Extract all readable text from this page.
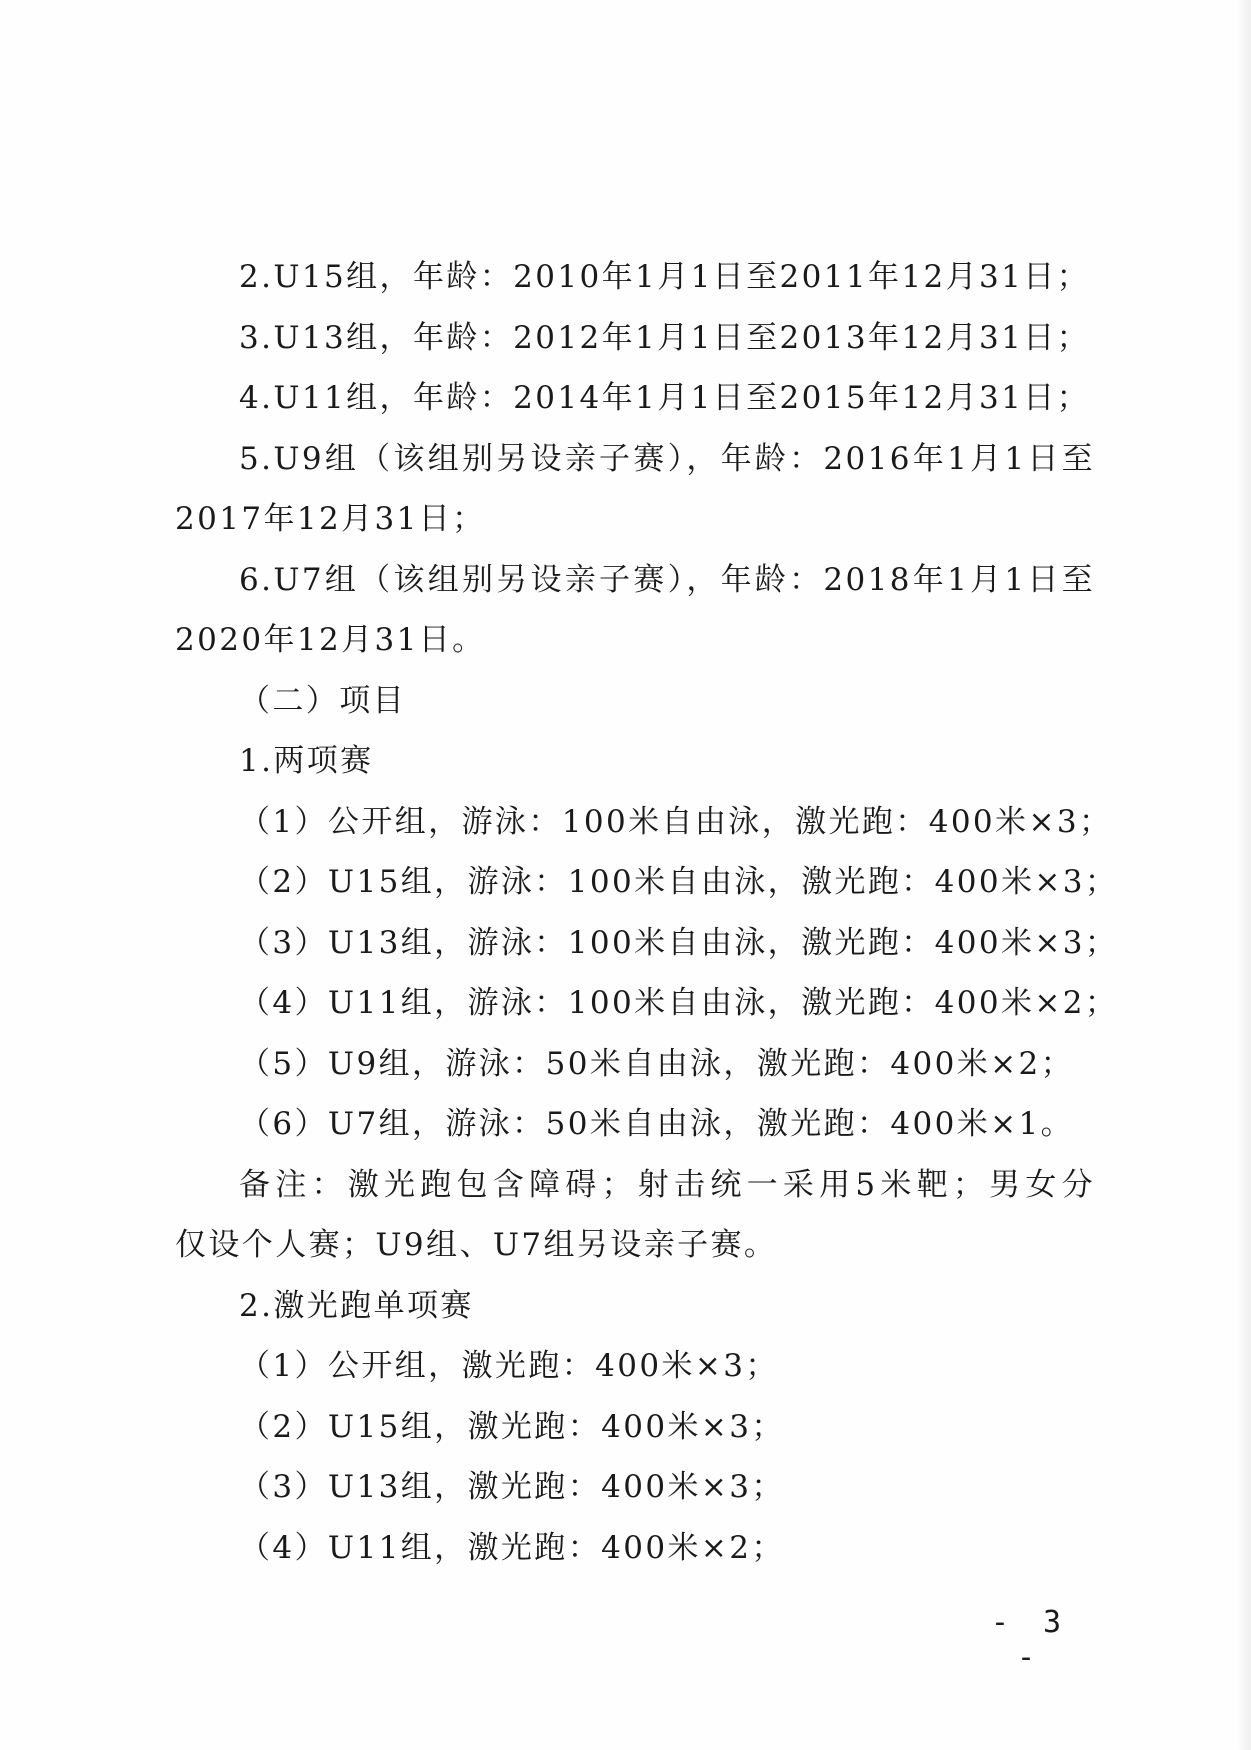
2.U15组，年龄：2010年1月1日至2011年12月31日；
3.U13组，年龄：2012年1月1日至2013年12月31日；
4.U11组，年龄：2014年1月1日至2015年12月31日；
5.U9组（该组别另设亲子赛），年龄：2016年1月1日至
2017年12月31日；
6.U7组（该组别另设亲子赛），年龄：2018年1月1日至
2020年12月31日。
（二）项目
1.两项赛
（1）公开组，游泳：100米自由泳，激光跑：400米×3；
（2）U15组，游泳：100米自由泳，激光跑：400米×3；
（3）U13组，游泳：100米自由泳，激光跑：400米×3；
（4）U11组，游泳：100米自由泳，激光跑：400米×2；
（5）U9组，游泳：50米自由泳，激光跑：400米×2；
（6）U7组，游泳：50米自由泳，激光跑：400米×1。
备注：激光跑包含障碍；射击统一采用5米靶；男女分
仅设个人赛；U9组、U7组另设亲子赛。
2.激光跑单项赛
（1）公开组，激光跑：400米×3；
（2）U15组，激光跑：400米×3；
（3）U13组，激光跑：400米×3；
（4）U11组，激光跑：400米×2；
- 3 -
